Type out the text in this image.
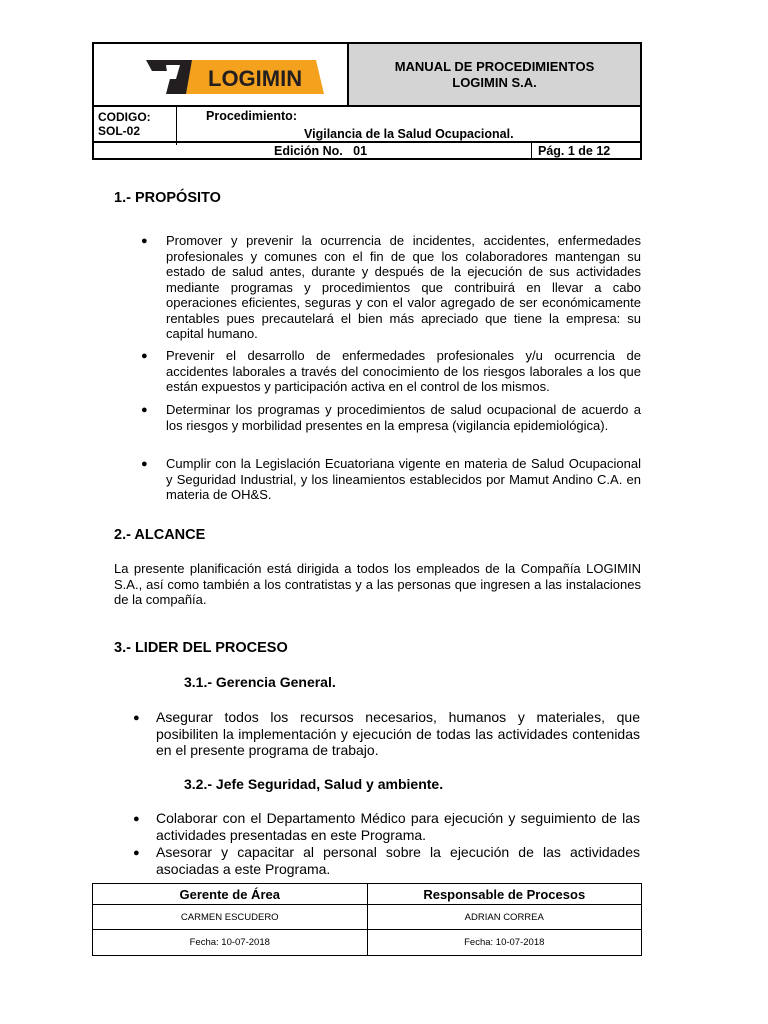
LOGIMIN	MANUAL DE PROCEDIMIENTOS
LOGIMIN S.A.
CODIGO:
SOL-02
Procedimiento:
Vigilancia de la Salud Ocupacional.
Edición No. 01	Pág. 1 de 12
1.- PROPÓSITO
● Promover y prevenir la ocurrencia de incidentes, accidentes, enfermedades profesionales y comunes con el fin de que los colaboradores mantengan su estado de salud antes, durante y después de la ejecución de sus actividades mediante programas y procedimientos que contribuirá en llevar a cabo operaciones eficientes, seguras y con el valor agregado de ser económicamente rentables pues precautelará el bien más apreciado que tiene la empresa: su capital humano.
● Prevenir el desarrollo de enfermedades profesionales y/u ocurrencia de accidentes laborales a través del conocimiento de los riesgos laborales a los que están expuestos y participación activa en el control de los mismos.
● Determinar los programas y procedimientos de salud ocupacional de acuerdo a los riesgos y morbilidad presentes en la empresa (vigilancia epidemiológica).
● Cumplir con la Legislación Ecuatoriana vigente en materia de Salud Ocupacional y Seguridad Industrial, y los lineamientos establecidos por Mamut Andino C.A. en materia de OH&S.
2.- ALCANCE
La presente planificación está dirigida a todos los empleados de la Compañía LOGIMIN S.A., así como también a los contratistas y a las personas que ingresen a las instalaciones de la compañía.
3.- LIDER DEL PROCESO
3.1.- Gerencia General.
● Asegurar todos los recursos necesarios, humanos y materiales, que posibiliten la implementación y ejecución de todas las actividades contenidas en el presente programa de trabajo.
3.2.- Jefe Seguridad, Salud y ambiente.
● Colaborar con el Departamento Médico para ejecución y seguimiento de las actividades presentadas en este Programa.
● Asesorar y capacitar al personal sobre la ejecución de las actividades asociadas a este Programa.
Gerente de Área	Responsable de Procesos
CARMEN ESCUDERO	ADRIAN CORREA
Fecha: 10-07-2018	Fecha: 10-07-2018
